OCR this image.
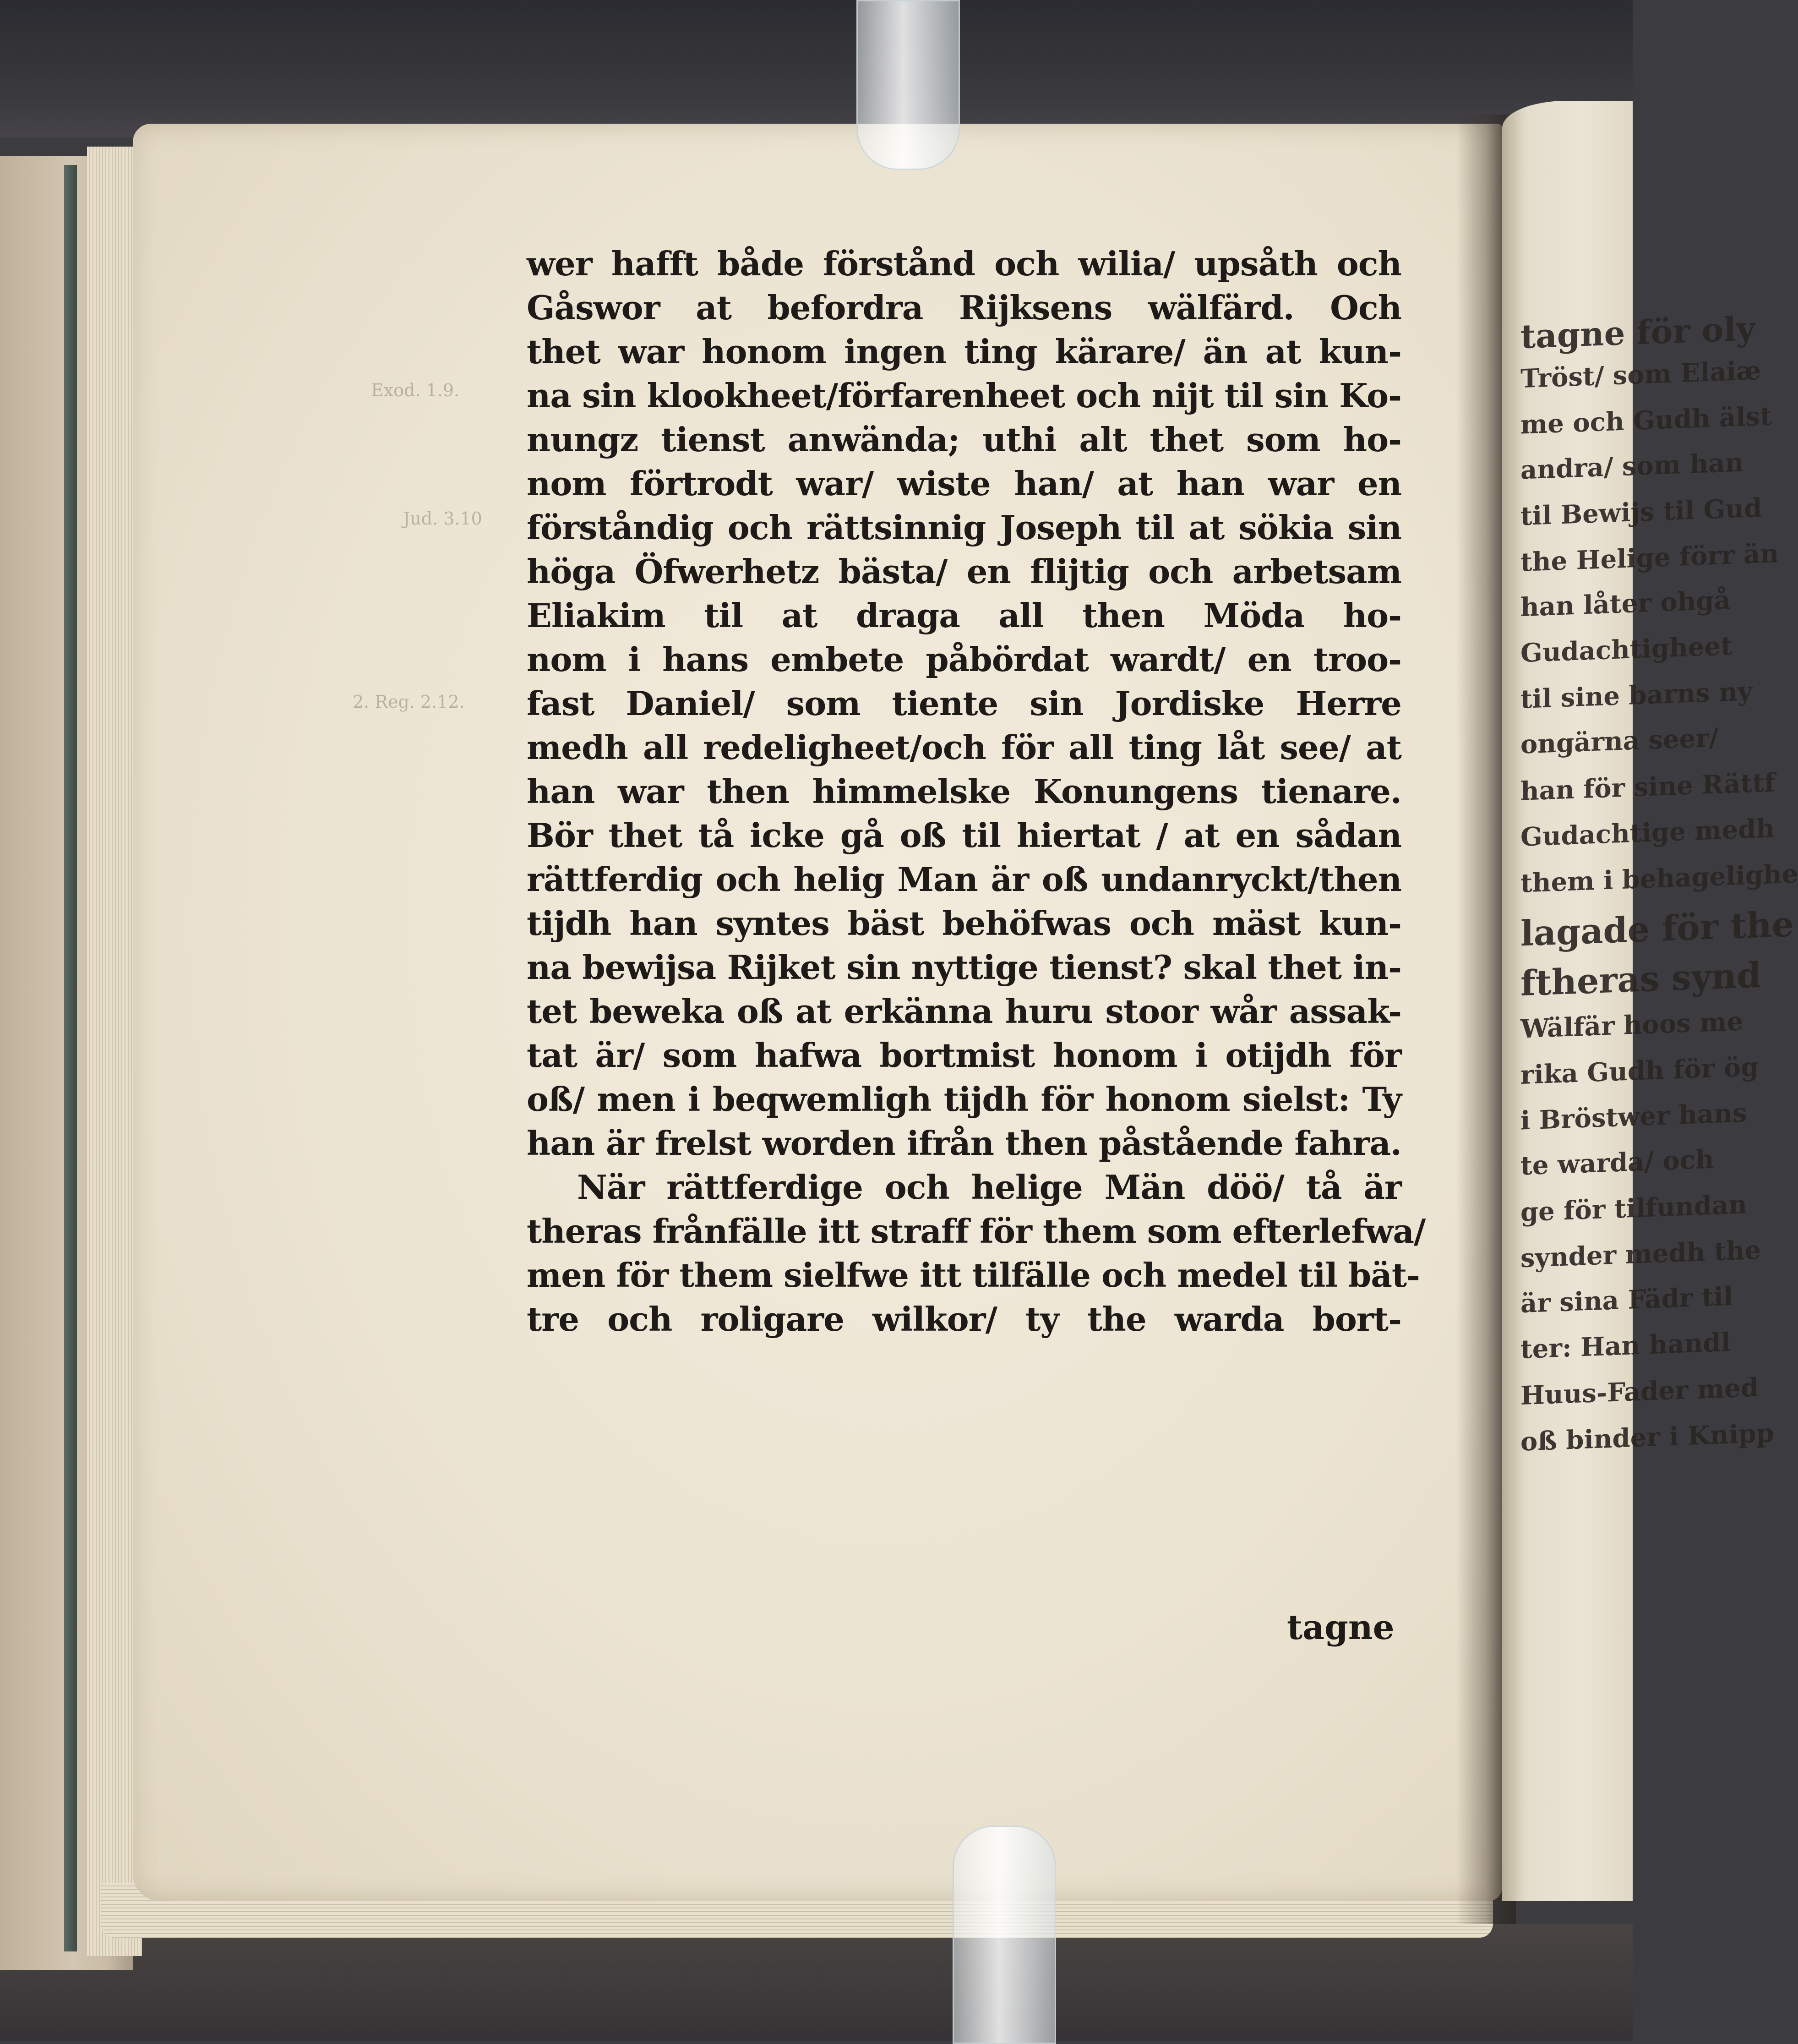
Exod. 1.9.
Jud. 3.10
2. Reg. 2.12.
tagne för oly
Tröst/ som Elaiæ
me och Gudh älst
andra/ som han
til Bewijs til Gud
the Helige förr än
han låter ohgå
Gudachtigheet
til sine barns ny
ongärna seer/
han för sine Rättf
Gudachtige medh
them i behagelighe
lagade för the
ftheras synd
Wälfär hoos me
rika Gudh för ög
i Bröstwer hans
te warda/ och
ge för tilfundan
synder medh the
är sina Fädr til
ter: Han handl
Huus-Fader med
oß binder i Knipp
wer hafft både förstånd och wilia/ upsåth och
Gåswor at befordra Rijksens wälfärd. Och
thet war honom ingen ting kärare/ än at kun-
na sin klookheet/förfarenheet och nijt til sin Ko-
nungz tienst anwända; uthi alt thet som ho-
nom förtrodt war/ wiste han/ at han war en
förståndig och rättsinnig Joseph til at sökia sin
höga Öfwerhetz bästa/ en flijtig och arbetsam
Eliakim til at draga all then Möda ho-
nom i hans embete påbördat wardt/ en troo-
fast Daniel/ som tiente sin Jordiske Herre
medh all redeligheet/och för all ting låt see/ at
han war then himmelske Konungens tienare.
Bör thet tå icke gå oß til hiertat / at en sådan
rättferdig och helig Man är oß undanryckt/then
tijdh han syntes bäst behöfwas och mäst kun-
na bewijsa Rijket sin nyttige tienst? skal thet in-
tet beweka oß at erkänna huru stoor wår assak-
tat är/ som hafwa bortmist honom i otijdh för
oß/ men i beqwemligh tijdh för honom sielst: Ty
han är frelst worden ifrån then påstående fahra.
När rättferdige och helige Män döö/ tå är
theras frånfälle itt straff för them som efterlefwa/
men för them sielfwe itt tilfälle och medel til bät-
tre och roligare wilkor/ ty the warda bort-
tagne
